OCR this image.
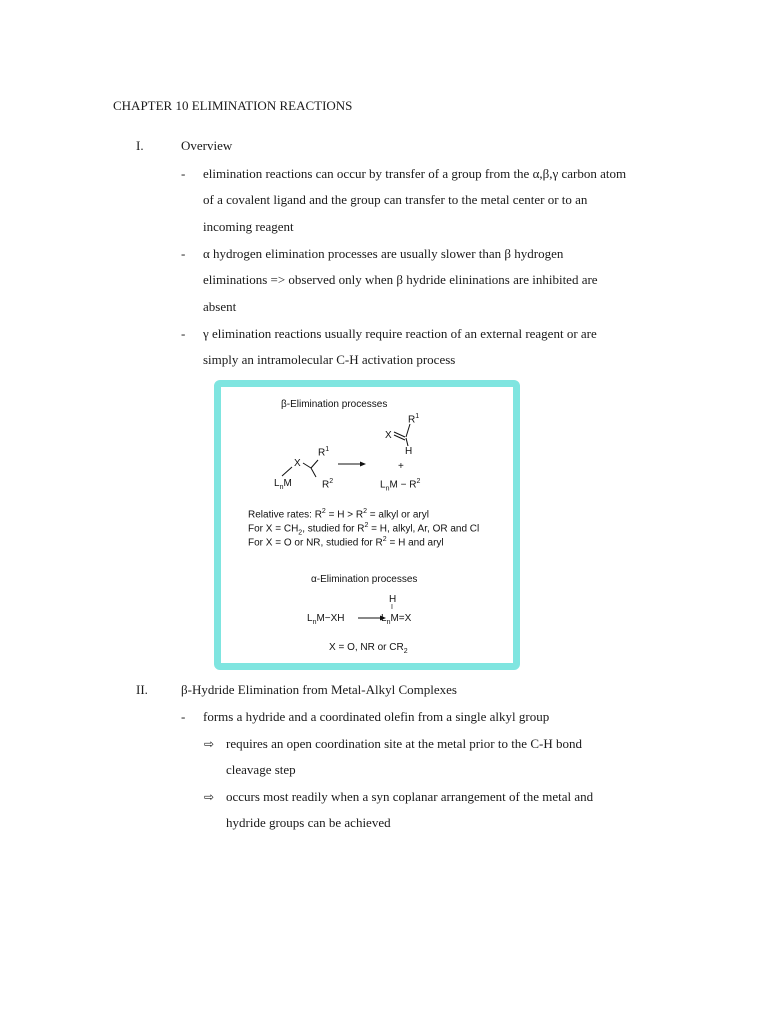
CHAPTER 10 ELIMINATION REACTIONS
I.	Overview
-	elimination reactions can occur by transfer of a group from the α,β,γ carbon atom
of a covalent ligand and the group can transfer to the metal center or to an
incoming reagent
-	α hydrogen elimination processes are usually slower than β hydrogen
eliminations => observed only when β hydride elininations are inhibited are
absent
-	γ elimination reactions usually require reaction of an external reagent or are
simply an intramolecular C-H activation process
β-Elimination processes
$R^1$
X
H
+
$L_nM - R^2$
$R^1$
X
$L_nM$	$R^2$
Relative rates: $R^2 = H > R^2$ = alkyl or aryl
For $X = CH_2$, studied for $R^2 = H$, alkyl, Ar, OR and Cl
For X = O or NR, studied for $R^2 = H$ and aryl
α-Elimination processes
H
I
$L_nM-XH$	$L_nM=X$
X = O, NR or $CR_2$
II.	β-Hydride Elimination from Metal-Alkyl Complexes
-	forms a hydride and a coordinated olefin from a single alkyl group
⇨ requires an open coordination site at the metal prior to the C-H bond
cleavage step
⇨ occurs most readily when a syn coplanar arrangement of the metal and
hydride groups can be achieved
